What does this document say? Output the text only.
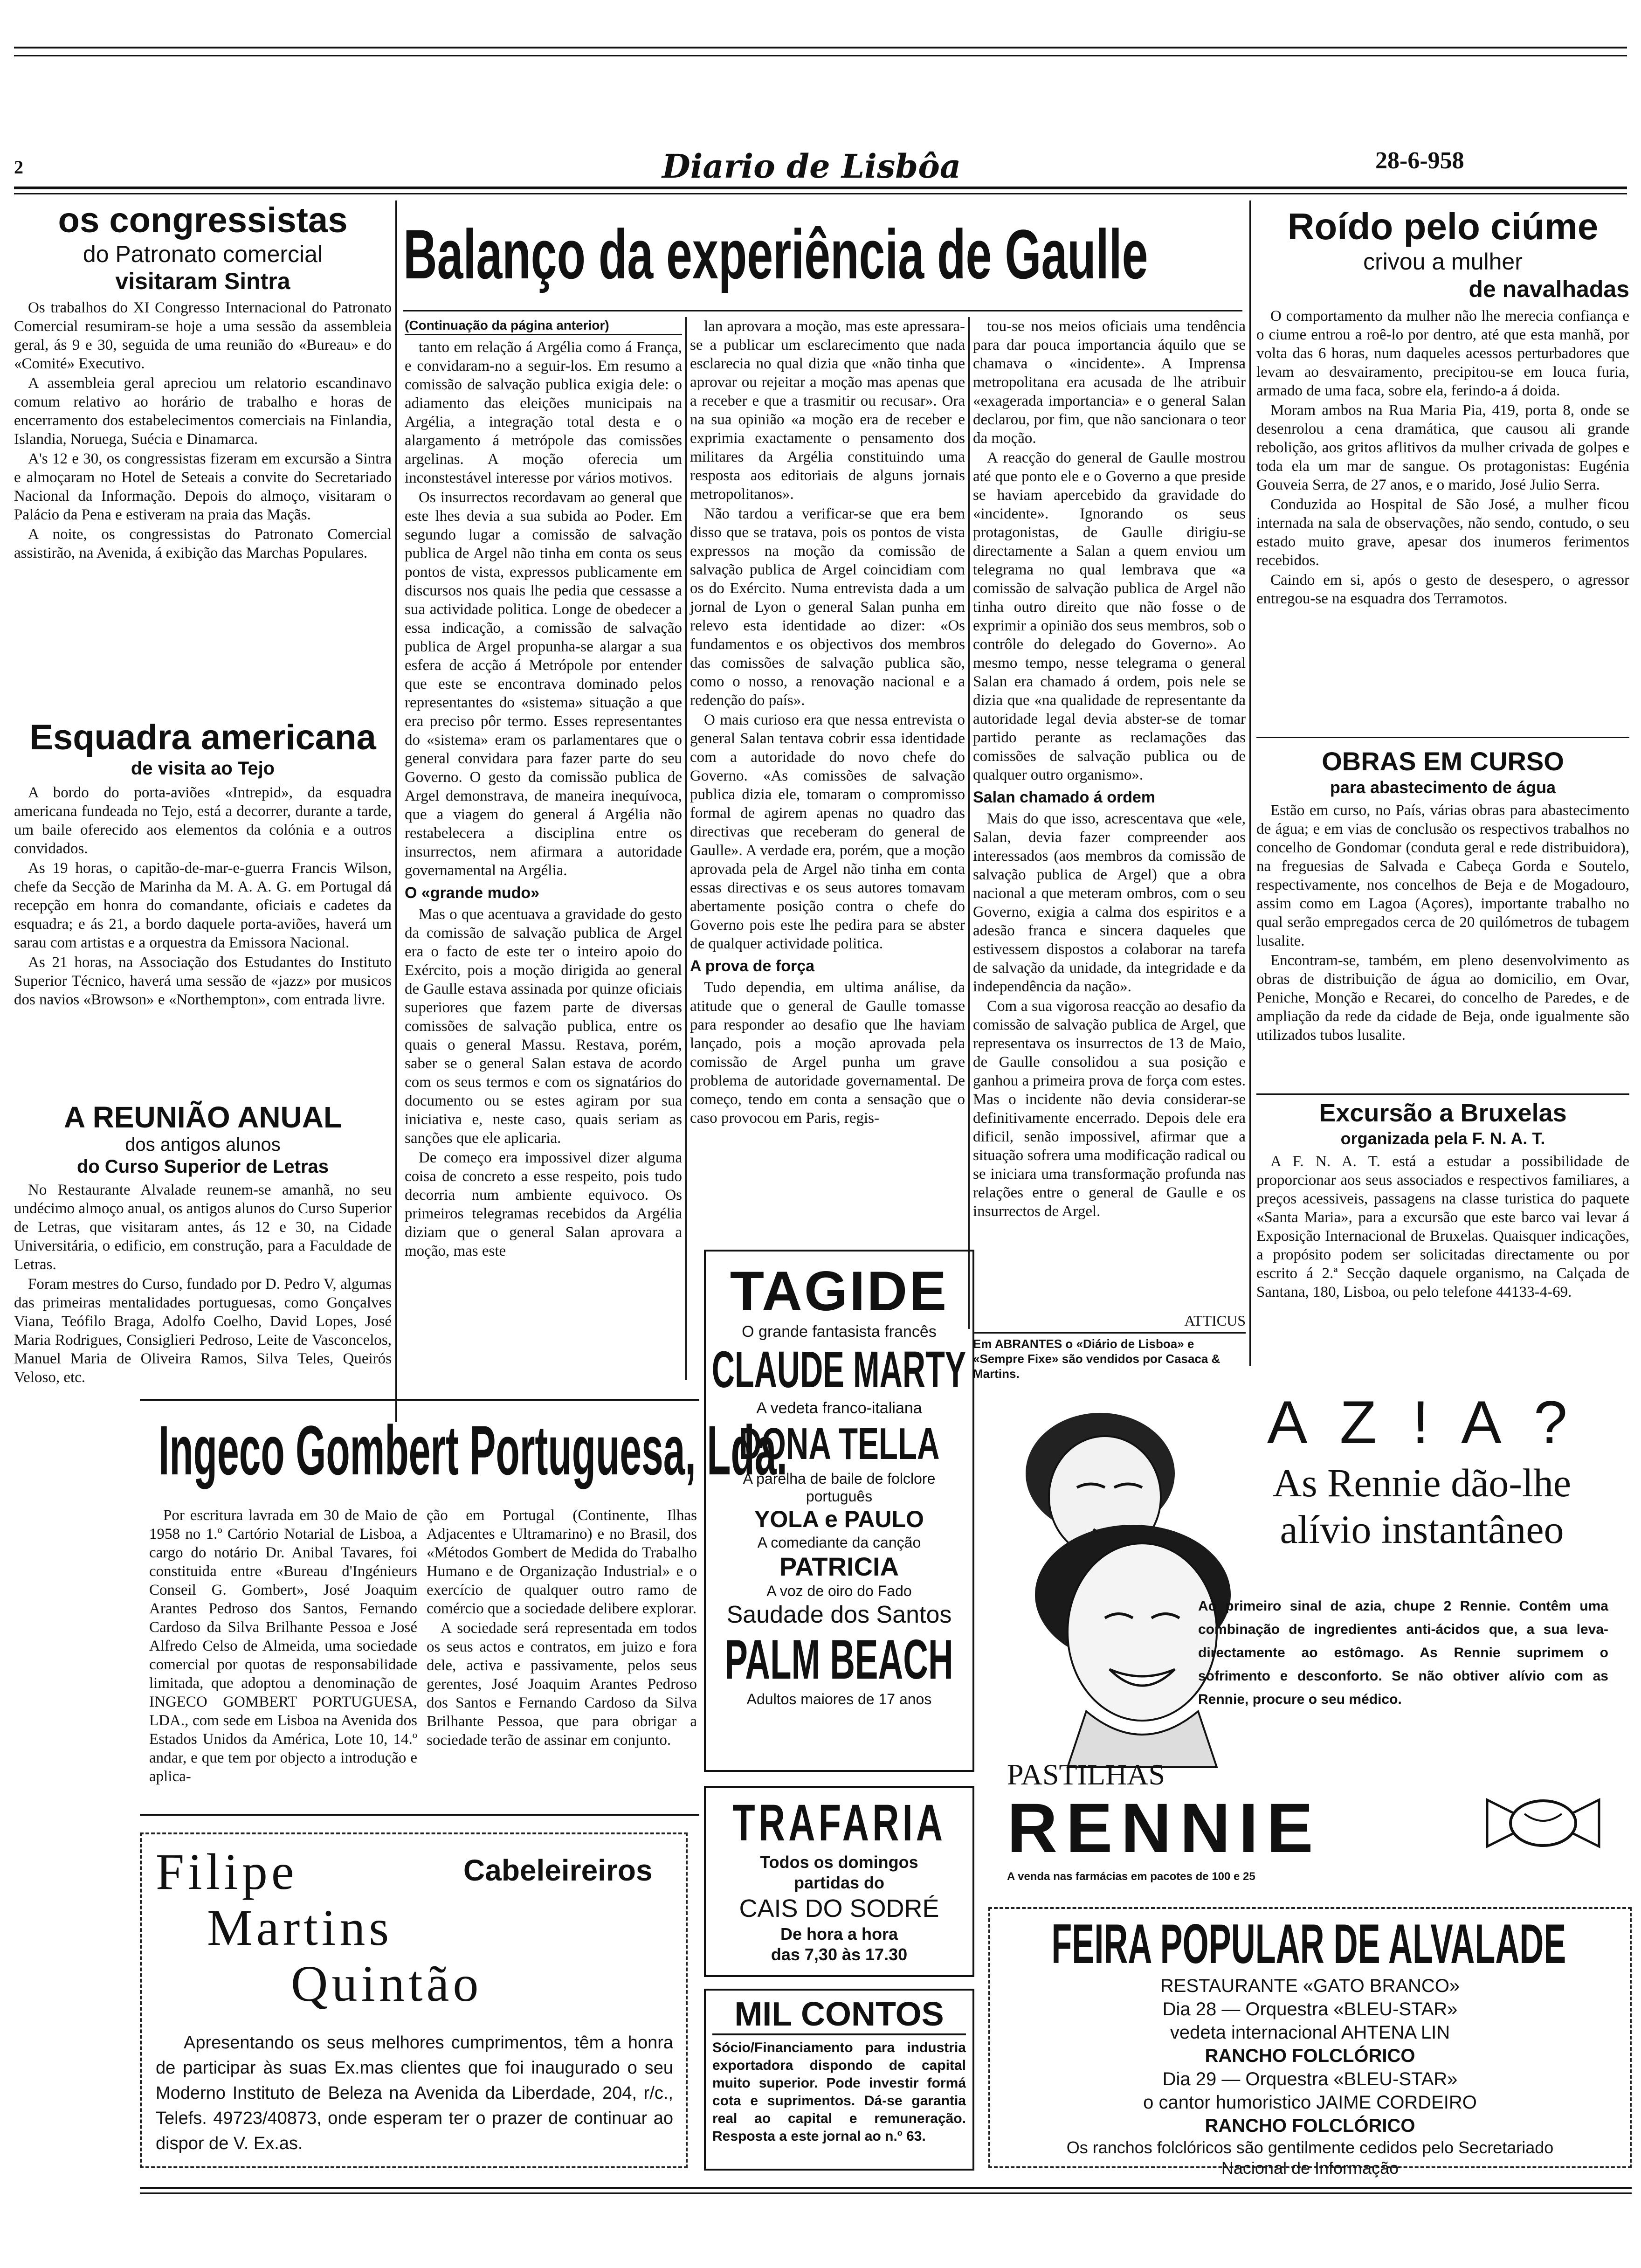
2	Diario de Lisbôa	28-6-958
os congressistas
do Patronato comercial
visitaram Sintra

Os trabalhos do XI Congresso Internacional do Patronato Comercial resumiram-se hoje a uma sessão da assembleia geral, ás 9 e 30, seguida de uma reunião do «Bureau» e do «Comité» Executivo.

A assembleia geral apreciou um relatorio escandinavo comum relativo ao horário de trabalho e horas de encerramento dos estabelecimentos comerciais na Finlandia, Islandia, Noruega, Suécia e Dinamarca.

A's 12 e 30, os congressistas fizeram em excursão a Sintra e almoçaram no Hotel de Seteais a convite do Secretariado Nacional da Informação. Depois do almoço, visitaram o Palácio da Pena e estiveram na praia das Maçãs.

A noite, os congressistas do Patronato Comercial assistirão, na Avenida, á exibição das Marchas Populares.

Esquadra americana
de visita ao Tejo

A bordo do porta-aviões «Intrepid», da esquadra americana fundeada no Tejo, está a decorrer, durante a tarde, um baile oferecido aos elementos da colónia e a outros convidados.

As 19 horas, o capitão-de-mar-e-guerra Francis Wilson, chefe da Secção de Marinha da M. A. A. G. em Portugal dá recepção em honra do comandante, oficiais e cadetes da esquadra; e ás 21, a bordo daquele porta-aviões, haverá um sarau com artistas e a orquestra da Emissora Nacional.

As 21 horas, na Associação dos Estudantes do Instituto Superior Técnico, haverá uma sessão de «jazz» por musicos dos navios «Browson» e «Northempton», com entrada livre.

A REUNIÃO ANUAL
dos antigos alunos
do Curso Superior de Letras

No Restaurante Alvalade reunem-se amanhã, no seu undécimo almoço anual, os antigos alunos do Curso Superior de Letras, que visitaram antes, ás 12 e 30, na Cidade Universitária, o edificio, em construção, para a Faculdade de Letras.

Foram mestres do Curso, fundado por D. Pedro V, algumas das primeiras mentalidades portuguesas, como Gonçalves Viana, Teófilo Braga, Adolfo Coelho, David Lopes, José Maria Rodrigues, Consiglieri Pedroso, Leite de Vasconcelos, Manuel Maria de Oliveira Ramos, Silva Teles, Queirós Veloso, etc.

Balanço da experiência de Gaulle
(Continuação da página anterior)

tanto em relação á Argélia como á França, e convidaram-no a seguir-los. Em resumo a comissão de salvação publica exigia dele: o adiamento das eleições municipais na Argélia, a integração total desta e o alargamento á metrópole das comissões argelinas. A moção oferecia um inconstestável interesse por vários motivos.

Os insurrectos recordavam ao general que este lhes devia a sua subida ao Poder. Em segundo lugar a comissão de salvação publica de Argel não tinha em conta os seus pontos de vista, expressos publicamente em discursos nos quais lhe pedia que cessasse a sua actividade politica. Longe de obedecer a essa indicação, a comissão de salvação publica de Argel propunha-se alargar a sua esfera de acção á Metrópole por entender que este se encontrava dominado pelos representantes do «sistema» situação a que era preciso pôr termo. Esses representantes do «sistema» eram os parlamentares que o general convidara para fazer parte do seu Governo. O gesto da comissão publica de Argel demonstrava, de maneira inequívoca, que a viagem do general á Argélia não restabelecera a disciplina entre os insurrectos, nem afirmara a autoridade governamental na Argélia.

O «grande mudo»

Mas o que acentuava a gravidade do gesto da comissão de salvação publica de Argel era o facto de este ter o inteiro apoio do Exército, pois a moção dirigida ao general de Gaulle estava assinada por quinze oficiais superiores que fazem parte de diversas comissões de salvação publica, entre os quais o general Massu. Restava, porém, saber se o general Salan estava de acordo com os seus termos e com os signatários do documento ou se estes agiram por sua iniciativa e, neste caso, quais seriam as sanções que ele aplicaria.

De começo era impossivel dizer alguma coisa de concreto a esse respeito, pois tudo decorria num ambiente equivoco. Os primeiros telegramas recebidos da Argélia diziam que o general Salan aprovara a moção, mas este

lan aprovara a moção, mas este apressara-se a publicar um esclarecimento que nada esclarecia no qual dizia que «não tinha que aprovar ou rejeitar a moção mas apenas que a receber e que a trasmitir ou recusar». Ora na sua opinião «a moção era de receber e exprimia exactamente o pensamento dos militares da Argélia constituindo uma resposta aos editoriais de alguns jornais metropolitanos».

Não tardou a verificar-se que era bem disso que se tratava, pois os pontos de vista expressos na moção da comissão de salvação publica de Argel coincidiam com os do Exército. Numa entrevista dada a um jornal de Lyon o general Salan punha em relevo esta identidade ao dizer: «Os fundamentos e os objectivos dos membros das comissões de salvação publica são, como o nosso, a renovação nacional e a redenção do país».

O mais curioso era que nessa entrevista o general Salan tentava cobrir essa identidade com a autoridade do novo chefe do Governo. «As comissões de salvação publica dizia ele, tomaram o compromisso formal de agirem apenas no quadro das directivas que receberam do general de Gaulle». A verdade era, porém, que a moção aprovada pela de Argel não tinha em conta essas directivas e os seus autores tomavam abertamente posição contra o chefe do Governo pois este lhe pedira para se abster de qualquer actividade politica.

A prova de força

Tudo dependia, em ultima análise, da atitude que o general de Gaulle tomasse para responder ao desafio que lhe haviam lançado, pois a moção aprovada pela comissão de Argel punha um grave problema de autoridade governamental. De começo, tendo em conta a sensação que o caso provocou em Paris, regis-

tou-se nos meios oficiais uma tendência para dar pouca importancia áquilo que se chamava o «incidente». A Imprensa metropolitana era acusada de lhe atribuir «exagerada importancia» e o general Salan declarou, por fim, que não sancionara o teor da moção.

A reacção do general de Gaulle mostrou até que ponto ele e o Governo a que preside se haviam apercebido da gravidade do «incidente». Ignorando os seus protagonistas, de Gaulle dirigiu-se directamente a Salan a quem enviou um telegrama no qual lembrava que «a comissão de salvação publica de Argel não tinha outro direito que não fosse o de exprimir a opinião dos seus membros, sob o contrôle do delegado do Governo». Ao mesmo tempo, nesse telegrama o general Salan era chamado á ordem, pois nele se dizia que «na qualidade de representante da autoridade legal devia abster-se de tomar partido perante as reclamações das comissões de salvação publica ou de qualquer outro organismo».

Salan chamado á ordem

Mais do que isso, acrescentava que «ele, Salan, devia fazer compreender aos interessados (aos membros da comissão de salvação publica de Argel) que a obra nacional a que meteram ombros, com o seu Governo, exigia a calma dos espiritos e a adesão franca e sincera daqueles que estivessem dispostos a colaborar na tarefa de salvação da unidade, da integridade e da independência da nação».

Com a sua vigorosa reacção ao desafio da comissão de salvação publica de Argel, que representava os insurrectos de 13 de Maio, de Gaulle consolidou a sua posição e ganhou a primeira prova de força com estes. Mas o incidente não devia considerar-se definitivamente encerrado. Depois dele era dificil, senão impossivel, afirmar que a situação sofrera uma modificação radical ou se iniciara uma transformação profunda nas relações entre o general de Gaulle e os insurrectos de Argel.

ATTICUS
Em ABRANTES o «Diário de Lisboa» e «Sempre Fixe» são vendidos por Casaca & Martins.
Roído pelo ciúme
crivou a mulher
de navalhadas

O comportamento da mulher não lhe merecia confiança e o ciume entrou a roê-lo por dentro, até que esta manhã, por volta das 6 horas, num daqueles acessos perturbadores que levam ao desvairamento, precipitou-se em louca furia, armado de uma faca, sobre ela, ferindo-a á doida.

Moram ambos na Rua Maria Pia, 419, porta 8, onde se desenrolou a cena dramática, que causou ali grande rebolição, aos gritos aflitivos da mulher crivada de golpes e toda ela um mar de sangue. Os protagonistas: Eugénia Gouveia Serra, de 27 anos, e o marido, José Julio Serra.

Conduzida ao Hospital de São José, a mulher ficou internada na sala de observações, não sendo, contudo, o seu estado muito grave, apesar dos inumeros ferimentos recebidos.

Caindo em si, após o gesto de desespero, o agressor entregou-se na esquadra dos Terramotos.

OBRAS EM CURSO
para abastecimento de água

Estão em curso, no País, várias obras para abastecimento de água; e em vias de conclusão os respectivos trabalhos no concelho de Gondomar (conduta geral e rede distribuidora), na freguesias de Salvada e Cabeça Gorda e Soutelo, respectivamente, nos concelhos de Beja e de Mogadouro, assim como em Lagoa (Açores), importante trabalho no qual serão empregados cerca de 20 quilómetros de tubagem lusalite.

Encontram-se, também, em pleno desenvolvimento as obras de distribuição de água ao domicilio, em Ovar, Peniche, Monção e Recarei, do concelho de Paredes, e de ampliação da rede da cidade de Beja, onde igualmente são utilizados tubos lusalite.

Excursão a Bruxelas
organizada pela F. N. A. T.

A F. N. A. T. está a estudar a possibilidade de proporcionar aos seus associados e respectivos familiares, a preços acessiveis, passagens na classe turistica do paquete «Santa Maria», para a excursão que este barco vai levar á Exposição Internacional de Bruxelas. Quaisquer indicações, a propósito podem ser solicitadas directamente ou por escrito á 2.ª Secção daquele organismo, na Calçada de Santana, 180, Lisboa, ou pelo telefone 44133-4-69.

Ingeco Gombert Portuguesa, Lda.

Por escritura lavrada em 30 de Maio de 1958 no 1.º Cartório Notarial de Lisboa, a cargo do notário Dr. Anibal Tavares, foi constituida entre «Bureau d'Ingénieurs Conseil G. Gombert», José Joaquim Arantes Pedroso dos Santos, Fernando Cardoso da Silva Brilhante Pessoa e José Alfredo Celso de Almeida, uma sociedade comercial por quotas de responsabilidade limitada, que adoptou a denominação de INGECO GOMBERT PORTUGUESA, LDA., com sede em Lisboa na Avenida dos Estados Unidos da América, Lote 10, 14.º andar, e que tem por objecto a introdução e aplica-

ção em Portugal (Continente, Ilhas Adjacentes e Ultramarino) e no Brasil, dos «Métodos Gombert de Medida do Trabalho Humano e de Organização Industrial» e o exercício de qualquer outro ramo de comércio que a sociedade delibere explorar.

A sociedade será representada em todos os seus actos e contratos, em juizo e fora dele, activa e passivamente, pelos seus gerentes, José Joaquim Arantes Pedroso dos Santos e Fernando Cardoso da Silva Brilhante Pessoa, que para obrigar a sociedade terão de assinar em conjunto.

TAGIDE
O grande fantasista francês
CLAUDE MARTY
A vedeta franco-italiana
DONA TELLA
A parelha de baile de folclore português
YOLA e PAULO
A comediante da canção
PATRICIA
A voz de oiro do Fado
Saudade dos Santos
PALM BEACH
Adultos maiores de 17 anos
TRAFARIA
Todos os domingos
partidas do
CAIS DO SODRÉ
De hora a hora
das 7,30 às 17.30
MIL CONTOS
Sócio/Financiamento para industria exportadora dispondo de capital muito superior. Pode investir formá cota e suprimentos. Dá-se garantia real ao capital e remuneração. Resposta a este jornal ao n.º 63.
A Z ! A ?
As Rennie dão-lhe
alívio instantâneo
Ao primeiro sinal de azia, chupe 2 Rennie. Contêm uma combinação de ingredientes anti-ácidos que, a sua leva-directamente ao estômago. As Rennie suprimem o sofrimento e desconforto. Se não obtiver alívio com as Rennie, procure o seu médico.
PASTILHAS
RENNIE
A venda nas farmácias em pacotes de 100 e 25
Filipe
Martins
Quintão
Cabeleireiros
Apresentando os seus melhores cumprimentos, têm a honra de participar às suas Ex.mas clientes que foi inaugurado o seu Moderno Instituto de Beleza na Avenida da Liberdade, 204, r/c., Telefs. 49723/40873, onde esperam ter o prazer de continuar ao dispor de V. Ex.as.
FEIRA POPULAR DE ALVALADE
RESTAURANTE «GATO BRANCO»
Dia 28 — Orquestra «BLEU-STAR»
vedeta internacional AHTENA LIN
RANCHO FOLCLÓRICO
Dia 29 — Orquestra «BLEU-STAR»
o cantor humoristico JAIME CORDEIRO
RANCHO FOLCLÓRICO
Os ranchos folclóricos são gentilmente cedidos pelo Secretariado Nacional de Informação
